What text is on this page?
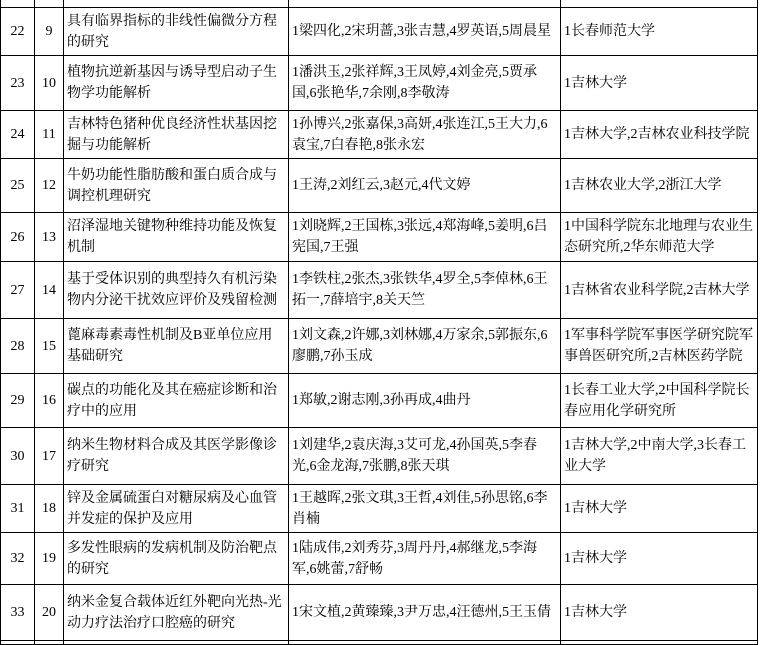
22	9	具有临界指标的非线性偏微分方程的研究	1梁四化,2宋玥蔷,3张吉慧,4罗英语,5周晨星	1长春师范大学
23	10	植物抗逆新基因与诱导型启动子生物学功能解析	1潘洪玉,2张祥辉,3王凤婷,4刘金亮,5贾承国,6张艳华,7余刚,8李敬涛	1吉林大学
24	11	吉林特色猪种优良经济性状基因挖掘与功能解析	1孙博兴,2张嘉保,3高妍,4张连江,5王大力,6袁宝,7白春艳,8张永宏	1吉林大学,2吉林农业科技学院
25	12	牛奶功能性脂肪酸和蛋白质合成与调控机理研究	1王涛,2刘红云,3赵元,4代文婷	1吉林农业大学,2浙江大学
26	13	沼泽湿地关键物种维持功能及恢复机制	1刘晓辉,2王国栋,3张远,4郑海峰,5姜明,6吕宪国,7王强	1中国科学院东北地理与农业生态研究所,2华东师范大学
27	14	基于受体识别的典型持久有机污染物内分泌干扰效应评价及残留检测	1李铁柱,2张杰,3张铁华,4罗全,5李倬林,6王拓一,7薛培宇,8关天竺	1吉林省农业科学院,2吉林大学
28	15	蓖麻毒素毒性机制及B亚单位应用基础研究	1刘文森,2许娜,3刘林娜,4万家余,5郭振东,6廖鹏,7孙玉成	1军事科学院军事医学研究院军事兽医研究所,2吉林医药学院
29	16	碳点的功能化及其在癌症诊断和治疗中的应用	1郑敏,2谢志刚,3孙再成,4曲丹	1长春工业大学,2中国科学院长春应用化学研究所
30	17	纳米生物材料合成及其医学影像诊疗研究	1刘建华,2袁庆海,3艾可龙,4孙国英,5李春光,6金龙海,7张鹏,8张天琪	1吉林大学,2中南大学,3长春工业大学
31	18	锌及金属硫蛋白对糖尿病及心血管并发症的保护及应用	1王越晖,2张文琪,3王哲,4刘佳,5孙思铭,6李肖楠	1吉林大学
32	19	多发性眼病的发病机制及防治靶点的研究	1陆成伟,2刘秀芬,3周丹丹,4郝继龙,5李海军,6姚蕾,7舒畅	1吉林大学
33	20	纳米金复合载体近红外靶向光热-光动力疗法治疗口腔癌的研究	1宋文植,2黄臻臻,3尹万忠,4汪德州,5王玉倩	1吉林大学
